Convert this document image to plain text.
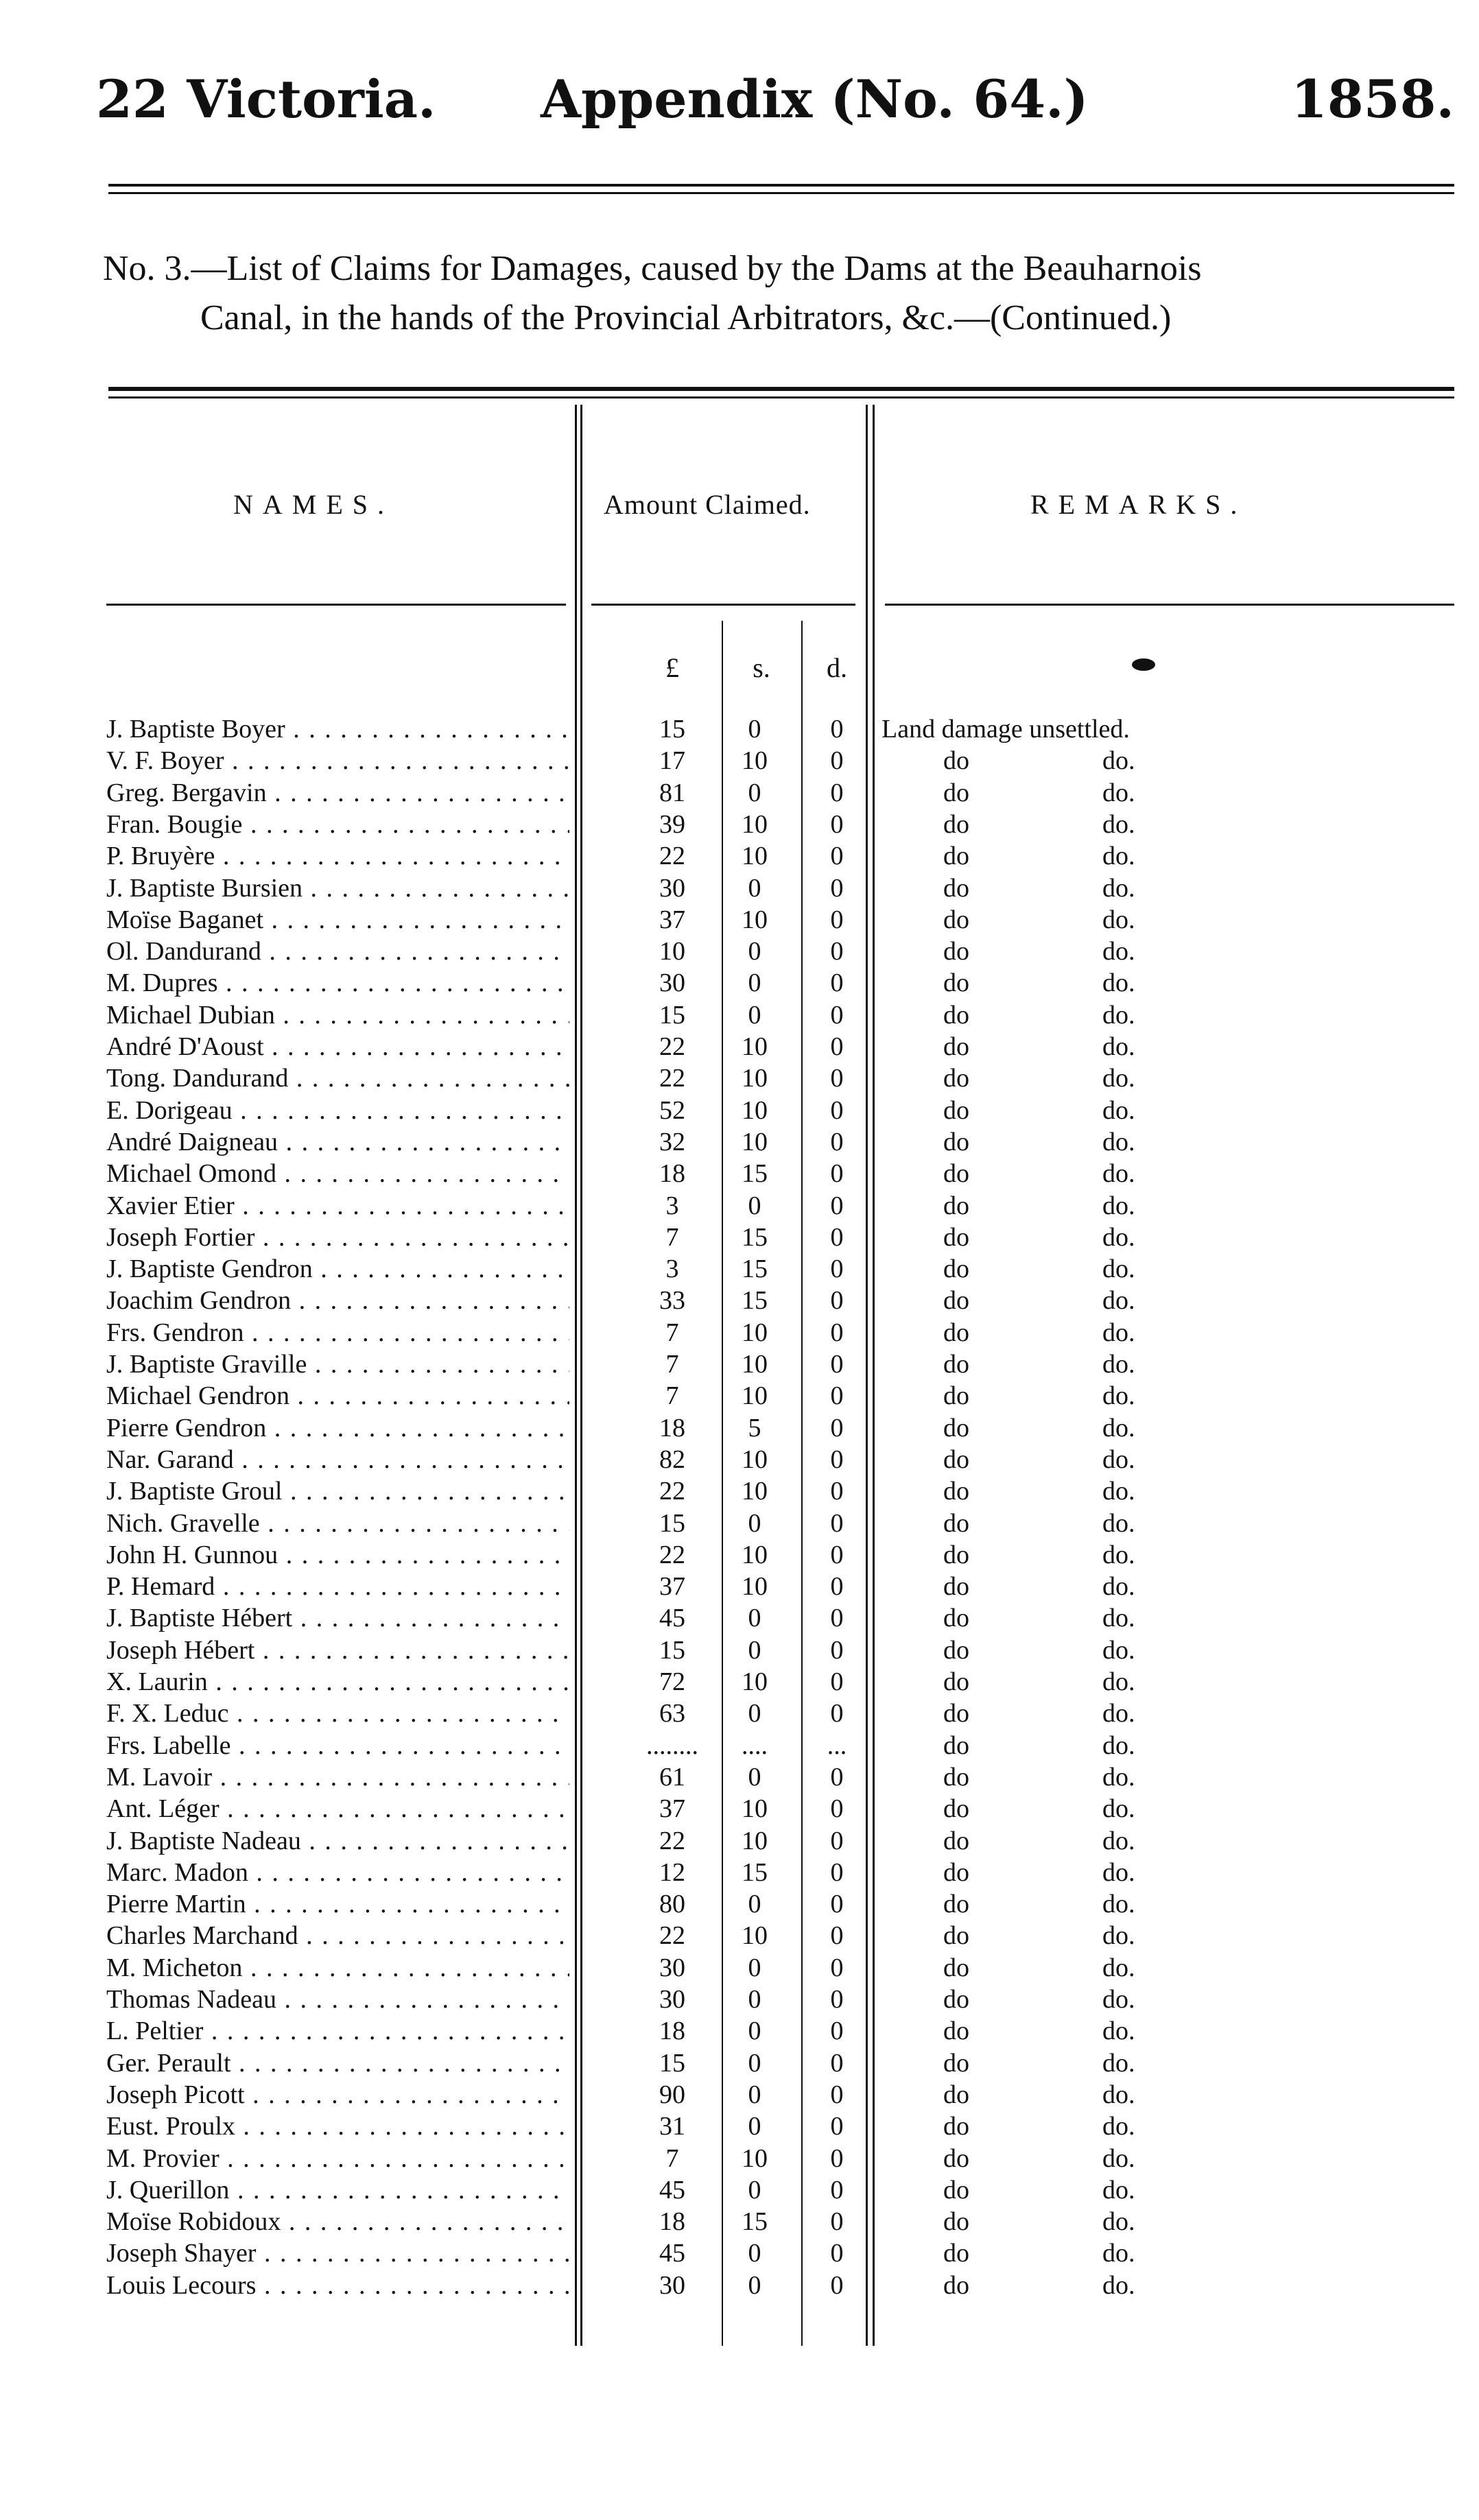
22 Victoria. Appendix (No. 64.)	1858.
No. 3.—List of Claims for Damages, caused by the Dams at the Beauharnois
Canal, in the hands of the Provincial Arbitrators, &c.—(Continued.)
NAMES.	Amount Claimed.	REMARKS.
£	s.	d.
J. Baptiste Boyer . . .	15	0	0	Land damage unsettled.
V. F. Boyer . . .	17	10	0	do	do.
Greg. Bergavin . . .	81	0	0	do	do.
Fran. Bougie . . .	39	10	0	do	do.
P. Bruyère . . .	22	10	0	do	do.
J. Baptiste Bursien . . .	30	0	0	do	do.
Moïse Baganet . . .	37	10	0	do	do.
Ol. Dandurand . . .	10	0	0	do	do.
M. Dupres . . .	30	0	0	do	do.
Michael Dubian . . .	15	0	0	do	do.
André D'Aoust . . .	22	10	0	do	do.
Tong. Dandurand . . .	22	10	0	do	do.
E. Dorigeau . . .	52	10	0	do	do.
André Daigneau . . .	32	10	0	do	do.
Michael Omond . . .	18	15	0	do	do.
Xavier Etier . . .	3	0	0	do	do.
Joseph Fortier . . .	7	15	0	do	do.
J. Baptiste Gendron . . .	3	15	0	do	do.
Joachim Gendron . . .	33	15	0	do	do.
Frs. Gendron . . .	7	10	0	do	do.
J. Baptiste Graville . . .	7	10	0	do	do.
Michael Gendron . . .	7	10	0	do	do.
Pierre Gendron . . .	18	5	0	do	do.
Nar. Garand . . .	82	10	0	do	do.
J. Baptiste Groul . . .	22	10	0	do	do.
Nich. Gravelle . . .	15	0	0	do	do.
John H. Gunnou . . .	22	10	0	do	do.
P. Hemard . . .	37	10	0	do	do.
J. Baptiste Hébert . . .	45	0	0	do	do.
Joseph Hébert . . .	15	0	0	do	do.
X. Laurin . . .	72	10	0	do	do.
F. X. Leduc . . .	63	0	0	do	do.
Frs. Labelle . . .	........	....	...	do	do.
M. Lavoir . . .	61	0	0	do	do.
Ant. Léger . . .	37	10	0	do	do.
J. Baptiste Nadeau . . .	22	10	0	do	do.
Marc. Madon . . .	12	15	0	do	do.
Pierre Martin . . .	80	0	0	do	do.
Charles Marchand . . .	22	10	0	do	do.
M. Micheton . . .	30	0	0	do	do.
Thomas Nadeau . . .	30	0	0	do	do.
L. Peltier . . .	18	0	0	do	do.
Ger. Perault . . .	15	0	0	do	do.
Joseph Picott . . .	90	0	0	do	do.
Eust. Proulx . . .	31	0	0	do	do.
M. Provier . . .	7	10	0	do	do.
J. Querillon . . .	45	0	0	do	do.
Moïse Robidoux . . .	18	15	0	do	do.
Joseph Shayer . . .	45	0	0	do	do.
Louis Lecours . . .	30	0	0	do	do.
